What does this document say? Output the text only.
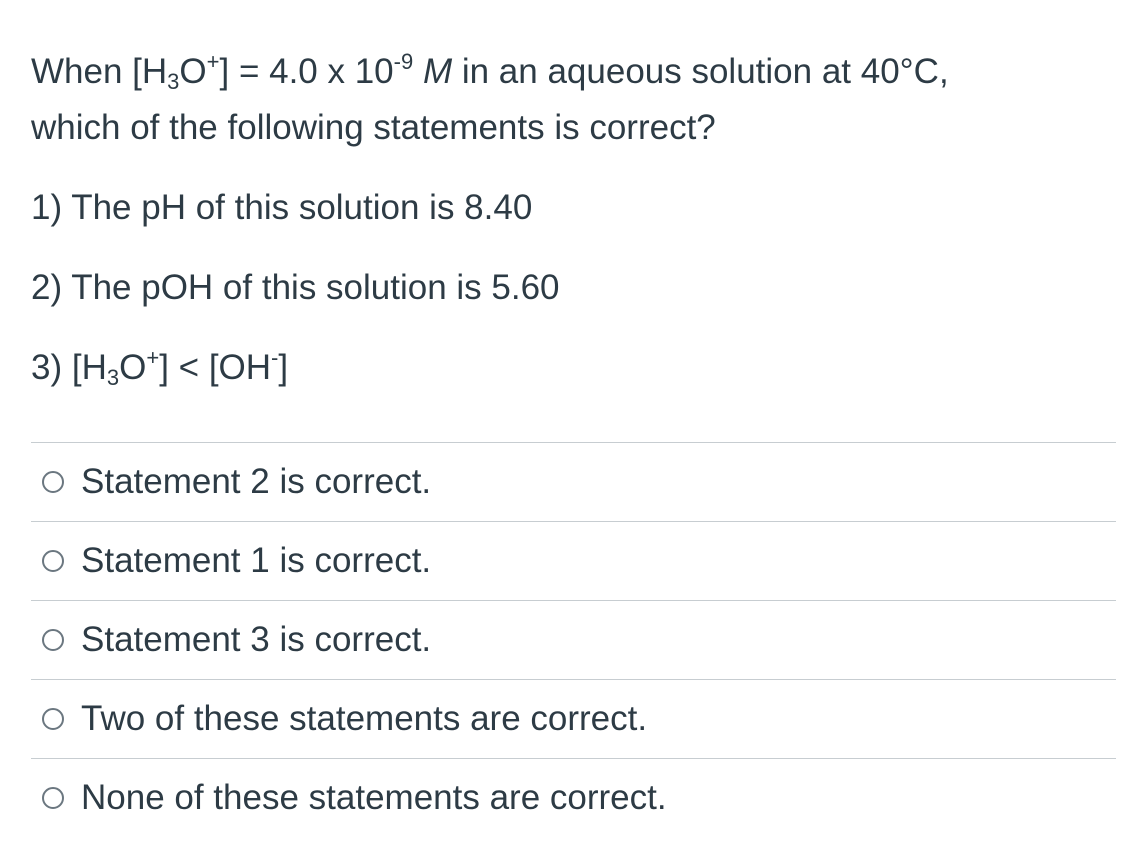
When $[H_3O^+] = 4.0$ x $10^{-9}$ M in an aqueous solution at 40°C,
which of the following statements is correct?

1) The pH of this solution is 8.40

2) The pOH of this solution is 5.60

3) $[H_3O^+] < [OH^-]$

Statement 2 is correct.
Statement 1 is correct.
Statement 3 is correct.
Two of these statements are correct.
None of these statements are correct.
